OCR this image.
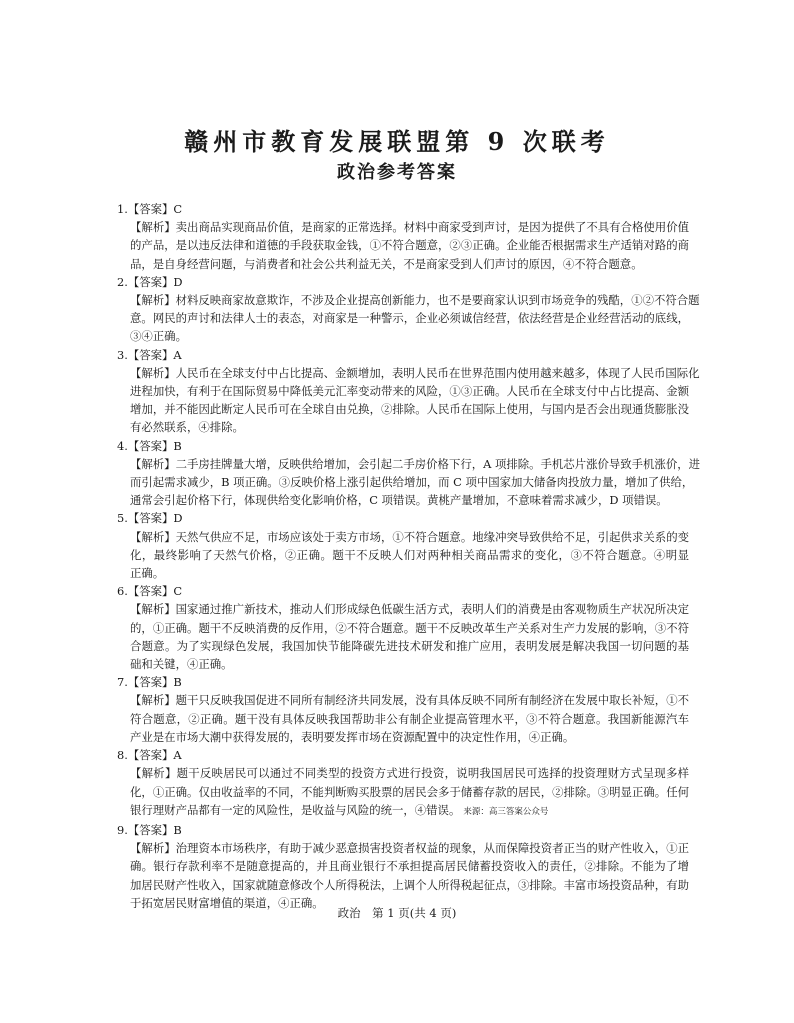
赣州市教育发展联盟第 9 次联考
政治参考答案
1.【答案】C
【解析】卖出商品实现商品价值，是商家的正常选择。材料中商家受到声讨，是因为提供了不具有合格使用价值
的产品，是以违反法律和道德的手段获取金钱，①不符合题意，②③正确。企业能否根据需求生产适销对路的商
品，是自身经营问题，与消费者和社会公共利益无关，不是商家受到人们声讨的原因，④不符合题意。
2.【答案】D
【解析】材料反映商家故意欺诈，不涉及企业提高创新能力，也不是要商家认识到市场竞争的残酷，①②不符合题
意。网民的声讨和法律人士的表态，对商家是一种警示，企业必须诚信经营，依法经营是企业经营活动的底线，
③④正确。
3.【答案】A
【解析】人民币在全球支付中占比提高、金额增加，表明人民币在世界范围内使用越来越多，体现了人民币国际化
进程加快，有利于在国际贸易中降低美元汇率变动带来的风险，①③正确。人民币在全球支付中占比提高、金额
增加，并不能因此断定人民币可在全球自由兑换，②排除。人民币在国际上使用，与国内是否会出现通货膨胀没
有必然联系，④排除。
4.【答案】B
【解析】二手房挂牌量大增，反映供给增加，会引起二手房价格下行，A 项排除。手机芯片涨价导致手机涨价，进
而引起需求减少，B 项正确。③反映价格上涨引起供给增加，而 C 项中国家加大储备肉投放力量，增加了供给，
通常会引起价格下行，体现供给变化影响价格，C 项错误。黄桃产量增加，不意味着需求减少，D 项错误。
5.【答案】D
【解析】天然气供应不足，市场应该处于卖方市场，①不符合题意。地缘冲突导致供给不足，引起供求关系的变
化，最终影响了天然气价格，②正确。题干不反映人们对两种相关商品需求的变化，③不符合题意。④明显
正确。
6.【答案】C
【解析】国家通过推广新技术，推动人们形成绿色低碳生活方式，表明人们的消费是由客观物质生产状况所决定
的，①正确。题干不反映消费的反作用，②不符合题意。题干不反映改革生产关系对生产力发展的影响，③不符
合题意。为了实现绿色发展，我国加快节能降碳先进技术研发和推广应用，表明发展是解决我国一切问题的基
础和关键，④正确。
7.【答案】B
【解析】题干只反映我国促进不同所有制经济共同发展，没有具体反映不同所有制经济在发展中取长补短，①不
符合题意，②正确。题干没有具体反映我国帮助非公有制企业提高管理水平，③不符合题意。我国新能源汽车
产业是在市场大潮中获得发展的，表明要发挥市场在资源配置中的决定性作用，④正确。
8.【答案】A
【解析】题干反映居民可以通过不同类型的投资方式进行投资，说明我国居民可选择的投资理财方式呈现多样
化，①正确。仅由收益率的不同，不能判断购买股票的居民会多于储蓄存款的居民，②排除。③明显正确。任何
银行理财产品都有一定的风险性，是收益与风险的统一，④错误。 来源：高三答案公众号
9.【答案】B
【解析】治理资本市场秩序，有助于减少恶意损害投资者权益的现象，从而保障投资者正当的财产性收入，①正
确。银行存款利率不是随意提高的，并且商业银行不承担提高居民储蓄投资收入的责任，②排除。不能为了增
加居民财产性收入，国家就随意修改个人所得税法，上调个人所得税起征点，③排除。丰富市场投资品种，有助
于拓宽居民财富增值的渠道，④正确。
政治　第 1 页(共 4 页)
